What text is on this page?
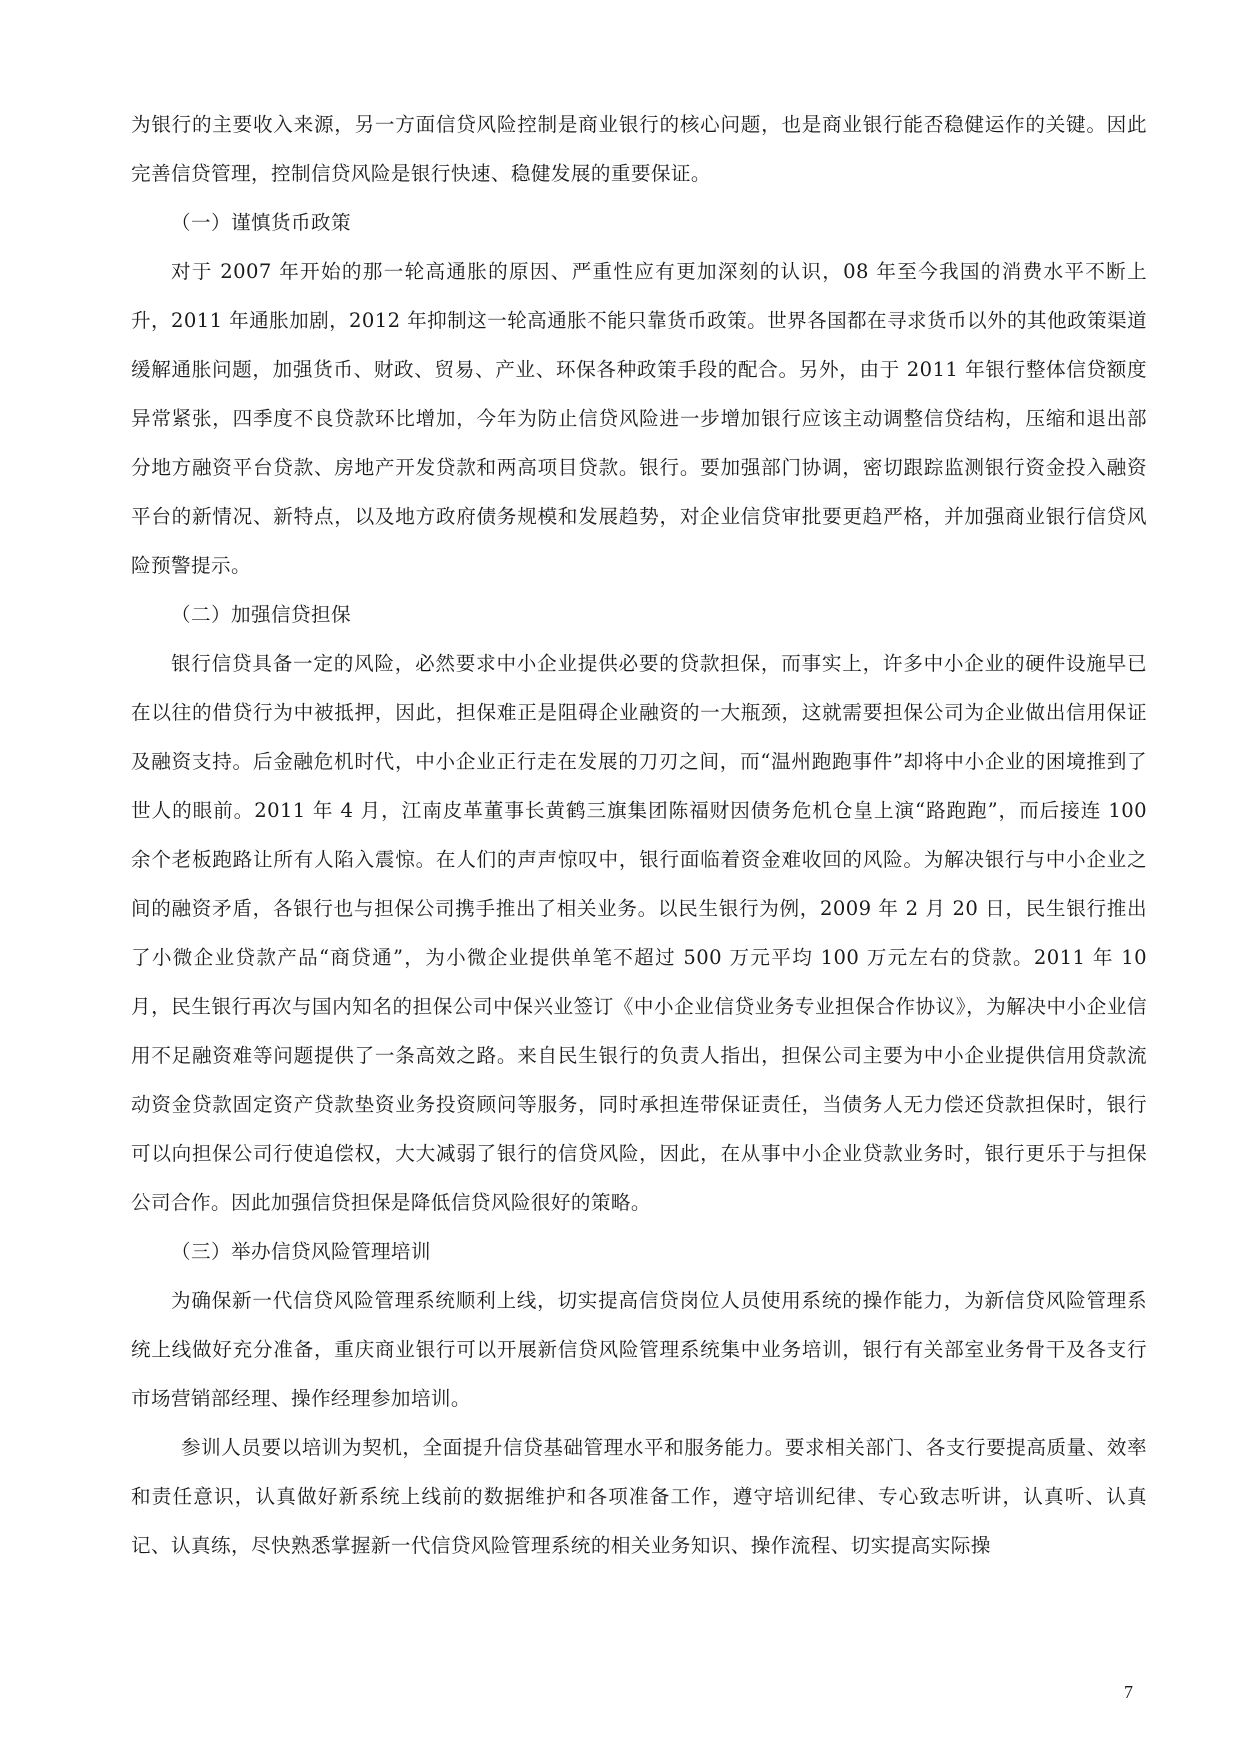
为银行的主要收入来源，另一方面信贷风险控制是商业银行的核心问题，也是商业银行能否稳健运作的关键。因此完善信贷管理，控制信贷风险是银行快速、稳健发展的重要保证。

（一）谨慎货币政策

对于 2007 年开始的那一轮高通胀的原因、严重性应有更加深刻的认识，08 年至今我国的消费水平不断上升，2011 年通胀加剧，2012 年抑制这一轮高通胀不能只靠货币政策。世界各国都在寻求货币以外的其他政策渠道缓解通胀问题，加强货币、财政、贸易、产业、环保各种政策手段的配合。另外，由于 2011 年银行整体信贷额度异常紧张，四季度不良贷款环比增加，今年为防止信贷风险进一步增加银行应该主动调整信贷结构，压缩和退出部分地方融资平台贷款、房地产开发贷款和两高项目贷款。银行。要加强部门协调，密切跟踪监测银行资金投入融资平台的新情况、新特点，以及地方政府债务规模和发展趋势，对企业信贷审批要更趋严格，并加强商业银行信贷风险预警提示。

（二）加强信贷担保

银行信贷具备一定的风险，必然要求中小企业提供必要的贷款担保，而事实上，许多中小企业的硬件设施早已在以往的借贷行为中被抵押，因此，担保难正是阻碍企业融资的一大瓶颈，这就需要担保公司为企业做出信用保证及融资支持。后金融危机时代，中小企业正行走在发展的刀刃之间，而“温州跑跑事件”却将中小企业的困境推到了世人的眼前。2011 年 4 月，江南皮革董事长黄鹤三旗集团陈福财因债务危机仓皇上演“路跑跑”，而后接连 100 余个老板跑路让所有人陷入震惊。在人们的声声惊叹中，银行面临着资金难收回的风险。为解决银行与中小企业之间的融资矛盾，各银行也与担保公司携手推出了相关业务。以民生银行为例，2009 年 2 月 20 日，民生银行推出了小微企业贷款产品“商贷通”，为小微企业提供单笔不超过 500 万元平均 100 万元左右的贷款。2011 年 10 月，民生银行再次与国内知名的担保公司中保兴业签订《中小企业信贷业务专业担保合作协议》，为解决中小企业信用不足融资难等问题提供了一条高效之路。来自民生银行的负责人指出，担保公司主要为中小企业提供信用贷款流动资金贷款固定资产贷款垫资业务投资顾问等服务，同时承担连带保证责任，当债务人无力偿还贷款担保时，银行可以向担保公司行使追偿权，大大减弱了银行的信贷风险，因此，在从事中小企业贷款业务时，银行更乐于与担保公司合作。因此加强信贷担保是降低信贷风险很好的策略。

（三）举办信贷风险管理培训

为确保新一代信贷风险管理系统顺利上线，切实提高信贷岗位人员使用系统的操作能力，为新信贷风险管理系统上线做好充分准备，重庆商业银行可以开展新信贷风险管理系统集中业务培训，银行有关部室业务骨干及各支行市场营销部经理、操作经理参加培训。

参训人员要以培训为契机，全面提升信贷基础管理水平和服务能力。要求相关部门、各支行要提高质量、效率和责任意识，认真做好新系统上线前的数据维护和各项准备工作，遵守培训纪律、专心致志听讲，认真听、认真记、认真练，尽快熟悉掌握新一代信贷风险管理系统的相关业务知识、操作流程、切实提高实际操

7
